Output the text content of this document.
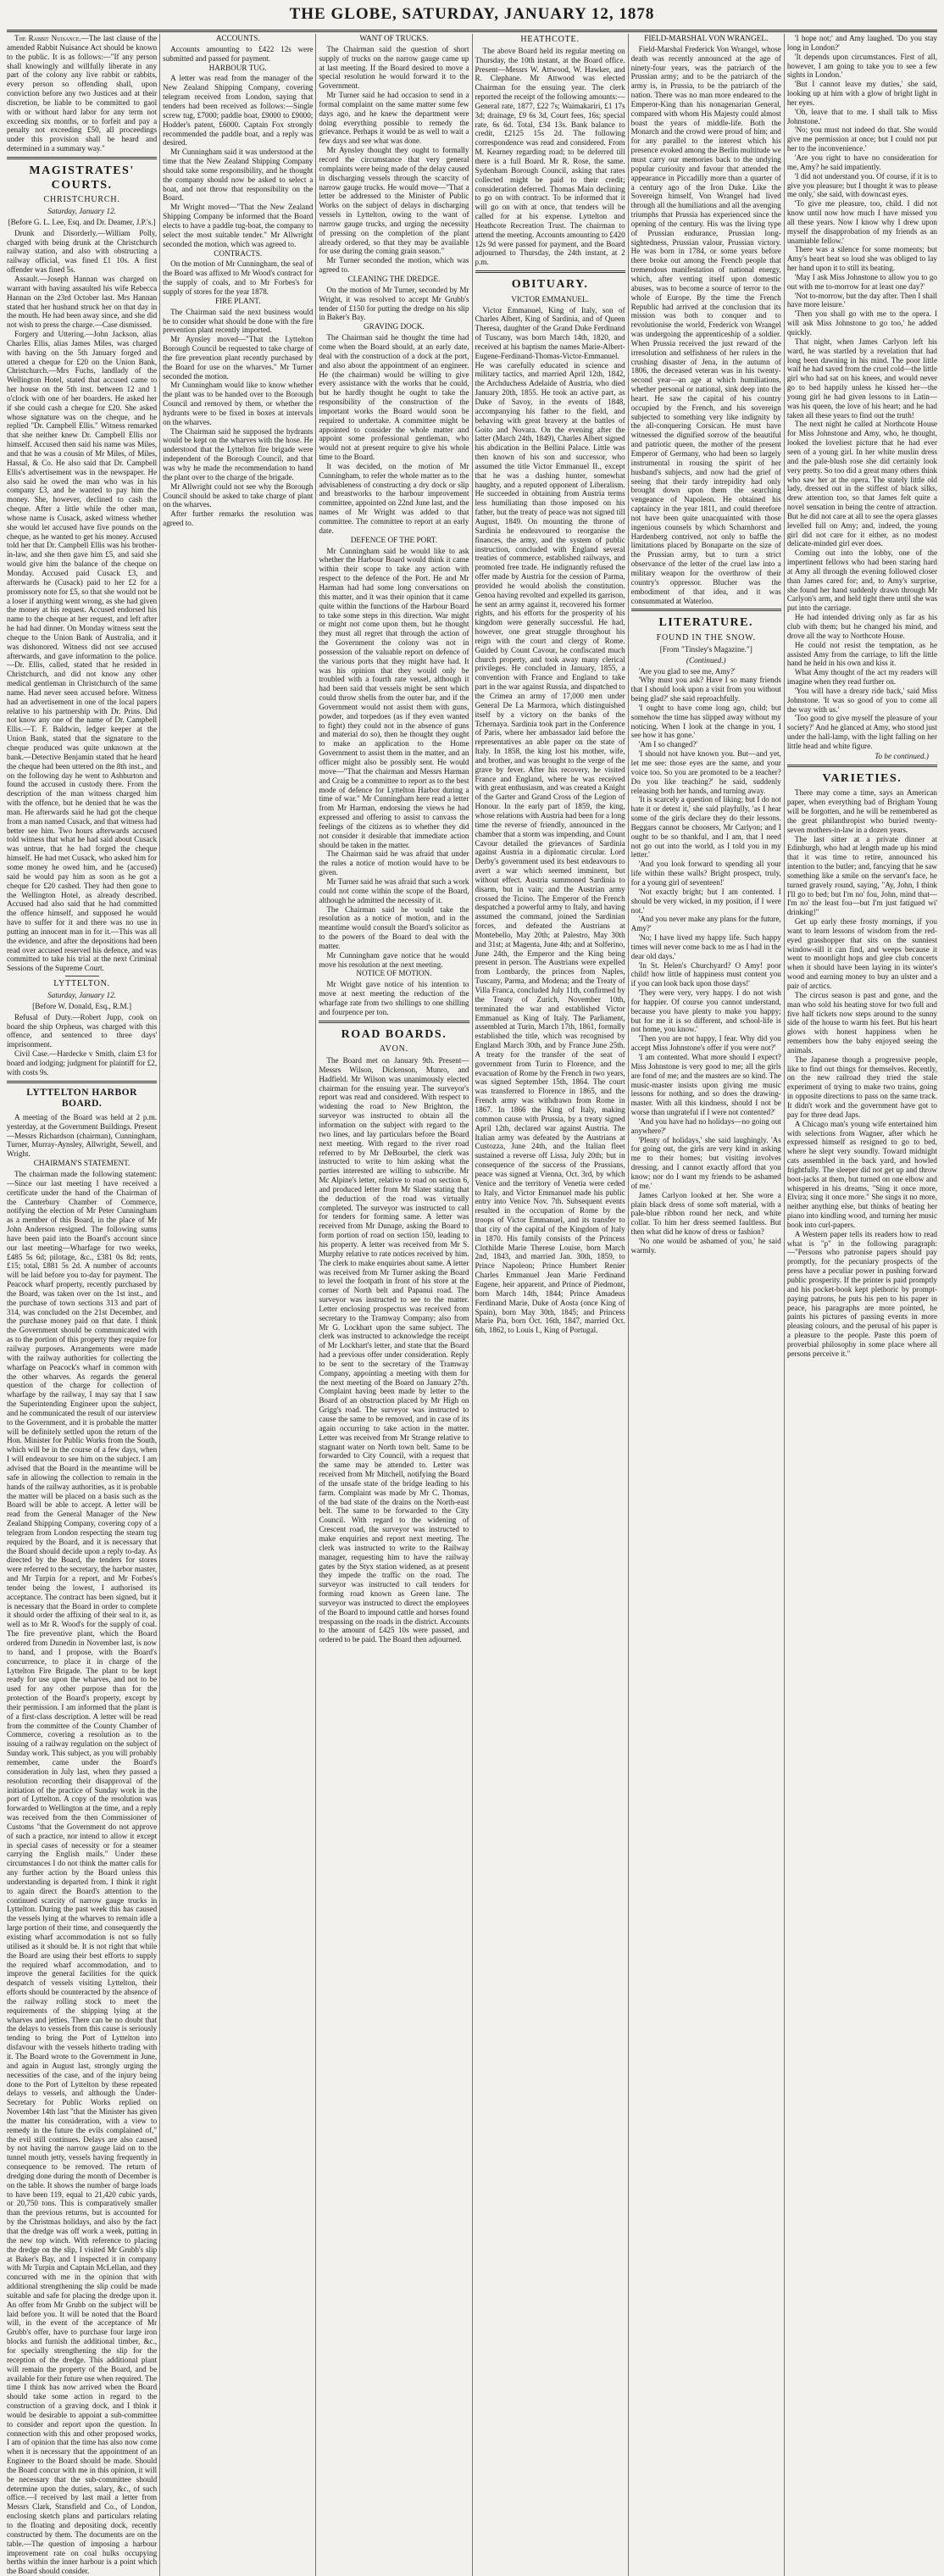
THE GLOBE, SATURDAY, JANUARY 12, 1878

The Rabbit Nuisance.—The last clause of the amended Rabbit Nuisance Act should be known to the public. It is as follows:—"If any person shall knowingly and willfully liberate in any part of the colony any live rabbit or rabbits, every person so offending shall, upon conviction before any two Justices and at their discretion, be liable to be committed to gaol with or without hard labor for any term not exceeding six months, or to forfeit and pay a penalty not exceeding £50, all proceedings under this provision shall be heard and determined in a summary way."

MAGISTRATES' COURTS.
CHRISTCHURCH.
Saturday, January 12.
[Before G. L. Lee, Esq. and Dr. Deamer, J.P.'s.]

Drunk and Disorderly.—William Polly, charged with being drunk at the Christchurch railway station, and also with obstructing a railway official, was fined £1 10s. A first offender was fined 5s.

Assault.—Joseph Hannan was charged on warrant with having assaulted his wife Rebecca Hannan on the 23rd October last. Mrs Hannan stated that her husband struck her on that day in the mouth. He had been away since, and she did not wish to press the charge.—Case dismissed.

Forgery and Uttering.—John Jackson, alias Charles Ellis, alias James Miles, was charged with having on the 5th January forged and uttered a cheque for £20 on the Union Bank, Christchurch.—Mrs Fuchs, landlady of the Wellington Hotel, stated that accused came to her house on the 5th inst. between 12 and 1 o'clock with one of her boarders. He asked her if she could cash a cheque for £20. She asked whose signature was on the cheque, and he replied "Dr. Campbell Ellis." Witness remarked that she neither knew Dr. Campbell Ellis nor himself. Accused then said his name was Miles, and that he was a cousin of Mr Miles, of Miles, Hassal, & Co. He also said that Dr. Campbell Ellis's advertisement was in the newspaper. He also said he owed the man who was in his company £3, and he wanted to pay him the money. She, however, declined to cash the cheque. After a little while the other man, whose name is Cusack, asked witness whether she would let accused have five pounds on the cheque, as he wanted to get his money. Accused told her that Dr. Campbell Ellis was his brother-in-law, and she then gave him £5, and said she would give him the balance of the cheque on Monday. Accused paid Cusack £3, and afterwards he (Cusack) paid to her £2 for a promissory note for £5, so that she would not be a loser if anything went wrong, as she had given the money at his request. Accused endorsed his name to the cheque at her request, and left after he had had dinner. On Monday witness sent the cheque to the Union Bank of Australia, and it was dishonored. Witness did not see accused afterwards, and gave information to the police.—Dr. Ellis, called, stated that he resided in Christchurch, and did not know any other medical gentleman in Christchurch of the same name. Had never seen accused before. Witness had an advertisement in one of the local papers relative to his partnership with Dr. Prins. Did not know any one of the name of Dr. Campbell Ellis.—T. F. Baldwin, ledger keeper at the Union Bank, stated that the signature to the cheque produced was quite unknown at the bank.—Detective Benjamin stated that he heard the cheque had been uttered on the 8th inst., and on the following day he went to Ashburton and found the accused in custody there. From the description of the man witness charged him with the offence, but he denied that he was the man. He afterwards said he had got the cheque from a man named Cusack, and that witness had better see him. Two hours afterwards accused told witness that what he had said about Cusack was untrue, that he had forged the cheque himself. He had met Cusack, who asked him for some money he owed him, and he (accused) said he would pay him as soon as he got a cheque for £20 cashed. They had then gone to the Wellington Hotel, as already described. Accused had also said that he had committed the offence himself, and supposed he would have to suffer for it and there was no use in putting an innocent man in for it.—This was all the evidence, and after the depositions had been read over accused reserved his defence, and was committed to take his trial at the next Criminal Sessions of the Supreme Court.

LYTTELTON.
Saturday, January 12.
[Before W. Donald, Esq., R.M.]

Refusal of Duty.—Robert Jupp, cook on board the ship Orpheus, was charged with this offence, and sentenced to three days' imprisonment.

Civil Case.—Hardecke v Smith, claim £3 for board and lodging; judgment for plaintiff for £2, with costs 9s.

LYTTELTON HARBOR BOARD.

A meeting of the Board was held at 2 p.m. yesterday, at the Government Buildings. Present—Messrs Richardson (chairman), Cunningham, Turner, Murray-Aynsley, Allwright, Sewell, and Wright.

CHAIRMAN'S STATEMENT.

The chairman made the following statement:—Since our last meeting I have received a certificate under the hand of the Chairman of the Canterbury Chamber of Commerce, notifying the election of Mr Peter Cunningham as a member of this Board, in the place of Mr John Anderson resigned. The following sums have been paid into the Board's account since our last meeting—Wharfage for two weeks, £485 5s 6d; pilotage, &c., £381 0s 8d; rents, £15; total, £881 5s 2d. A number of accounts will be laid before you to-day for payment. The Peacock wharf property, recently purchased by the Board, was taken over on the 1st inst., and the purchase of town sections 313 and part of 314, was concluded on the 21st December, and the purchase money paid on that date. I think the Government should be communicated with as to the portion of this property they require for railway purposes. Arrangements were made with the railway authorities for collecting the wharfage on Peacock's wharf in common with the other wharves. As regards the general question of the charge for collection of wharfage by the railway, I may say that I saw the Superintending Engineer upon the subject, and he communicated the result of our interview to the Government, and it is probable the matter will be definitely settled upon the return of the Hon. Minister for Public Works from the South, which will be in the course of a few days, when I will endeavour to see him on the subject. I am advised that the Board in the meantime will be safe in allowing the collection to remain in the hands of the railway authorities, as it is probable the matter will be placed on a basis such as the Board will be able to accept. A letter will be read from the General Manager of the New Zealand Shipping Company, covering copy of a telegram from London respecting the steam tug required by the Board, and it is necessary that the Board should decide upon a reply to-day. As directed by the Board, the tenders for stores were referred to the secretary, the harbor master, and Mr Turpin for a report, and Mr Forbes's tender being the lowest, I authorised its acceptance. The contract has been signed, but it is necessary that the Board in order to complete it should order the affixing of their seal to it, as well as to Mr R. Wood's for the supply of coal. The fire preventive plant, which the Board ordered from Dunedin in November last, is now to hand, and I propose, with the Board's concurrence, to place it in charge of the Lyttelton Fire Brigade. The plant to be kept ready for use upon the wharves, and not to be used for any other purpose than for the protection of the Board's property, except by their permission. I am informed that the plant is of a first-class description. A letter will be read from the committee of the County Chamber of Commerce, covering a resolution as to the issuing of a railway regulation on the subject of Sunday work. This subject, as you will probably remember, came under the Board's consideration in July last, when they passed a resolution recording their disapproval of the initiation of the practice of Sunday work in the port of Lyttelton. A copy of the resolution was forwarded to Wellington at the time, and a reply was received from the then Commissioner of Customs "that the Government do not approve of such a practice, nor intend to allow it except in special cases of necessity or for a steamer carrying the English mails." Under these circumstances I do not think the matter calls for any further action by the Board unless this understanding is departed from. I think it right to again direct the Board's attention to the continued scarcity of narrow gauge trucks in Lyttelton. During the past week this has caused the vessels lying at the wharves to remain idle a large portion of their time, and consequently the existing wharf accommodation is not so fully utilised as it should be. It is not right that while the Board are using their best efforts to supply the required wharf accommodation, and to improve the general facilities for the quick despatch of vessels visiting Lyttelton, their efforts should be counteracted by the absence of the railway rolling stock to meet the requirements of the shipping lying at the wharves and jetties. There can be no doubt that the delays to vessels from this cause is seriously tending to bring the Port of Lyttelton into disfavour with the vessels hitherto trading with it. The Board wrote to the Government in June, and again in August last, strongly urging the necessities of the case, and of the injury being done to the Port of Lyttelton by these repeated delays to vessels, and although the Under-Secretary for Public Works replied on November 14th last "that the Minister has given the matter his consideration, with a view to remedy in the future the evils complained of," the evil still continues. Delays are also caused by not having the narrow gauge laid on to the tunnel mouth jetty, vessels having frequently in consequence to be removed. The return of dredging done during the month of December is on the table. It shows the number of barge loads to have been 119, equal to 21,420 cubic yards, or 20,750 tons. This is comparatively smaller than the previous returns, but is accounted for by the Christmas holidays, and also by the fact that the dredge was off work a week, putting in the new top winch. With reference to placing the dredge on the slip, I visited Mr Grubb's slip at Baker's Bay, and I inspected it in company with Mr Turpin and Captain McLellan, and they concurred with me in the opinion that with additional strengthening the slip could be made suitable and safe for placing the dredge upon it. An offer from Mr Grubb on the subject will be laid before you. It will be noted that the Board will, in the event of the acceptance of Mr Grubb's offer, have to purchase four large iron blocks and furnish the additional timber, &c., for specially strengthening the slip for the reception of the dredge. This additional plant will remain the property of the Board, and be available for their future use when required. The time I think has now arrived when the Board should take some action in regard to the construction of a graving dock, and I think it would be desirable to appoint a sub-committee to consider and report upon the question. In connection with this and other proposed works, I am of opinion that the time has also now come when it is necessary that the appointment of an Engineer to the Board should be made. Should the Board concur with me in this opinion, it will be necessary that the sub-committee should determine upon the duties, salary, &c., of such office.—I received by last mail a letter from Messrs Clark, Stansfield and Co., of London, enclosing sketch plans and particulars relating to the floating and depositing dock, recently constructed by them. The documents are on the table.—The question of imposing a harbour improvement rate on coal hulks occupying berths within the inner harbour is a point which the Board should consider.

ACCOUNTS.

Accounts amounting to £422 12s were submitted and passed for payment.

HARBOUR TUG.

A letter was read from the manager of the New Zealand Shipping Company, covering telegram received from London, saying that tenders had been received as follows:—Single screw tug, £7000; paddle boat, £9000 to £9000; Hodder's patent, £6000. Captain Fox strongly recommended the paddle boat, and a reply was desired.

Mr Cunningham said it was understood at the time that the New Zealand Shipping Company should take some responsibility, and he thought the company should now be asked to select a boat, and not throw that responsibility on the Board.

Mr Wright moved—"That the New Zealand Shipping Company be informed that the Board elects to have a paddle tug-boat, the company to select the most suitable tender." Mr Allwright seconded the motion, which was agreed to.

CONTRACTS.

On the motion of Mr Cunningham, the seal of the Board was affixed to Mr Wood's contract for the supply of coals, and to Mr Forbes's for supply of stores for the year 1878.

FIRE PLANT.

The Chairman said the next business would be to consider what should be done with the fire prevention plant recently imported.

Mr Aynsley moved—"That the Lyttelton Borough Council be requested to take charge of the fire prevention plant recently purchased by the Board for use on the wharves." Mr Turner seconded the motion.

Mr Cunningham would like to know whether the plant was to be handed over to the Borough Council and removed by them, or whether the hydrants were to be fixed in boxes at intervals on the wharves.

The Chairman said he supposed the hydrants would be kept on the wharves with the hose. He understood that the Lyttelton fire brigade were independent of the Borough Council, and that was why he made the recommendation to hand the plant over to the charge of the brigade.

Mr Allwright could not see why the Borough Council should be asked to take charge of plant on the wharves.

After further remarks the resolution was agreed to.

WANT OF TRUCKS.

The Chairman said the question of short supply of trucks on the narrow gauge came up at last meeting. If the Board desired to move a special resolution he would forward it to the Government.

Mr Turner said he had occasion to send in a formal complaint on the same matter some few days ago, and he knew the department were doing everything possible to remedy the grievance. Perhaps it would be as well to wait a few days and see what was done.

Mr Aynsley thought they ought to formally record the circumstance that very general complaints were being made of the delay caused in discharging vessels through the scarcity of narrow gauge trucks. He would move—"That a letter be addressed to the Minister of Public Works on the subject of delays in discharging vessels in Lyttelton, owing to the want of narrow gauge trucks, and urging the necessity of pressing on the completion of the plant already ordered, so that they may be available for use during the coming grain season."

Mr Turner seconded the motion, which was agreed to.

CLEANING THE DREDGE.

On the motion of Mr Turner, seconded by Mr Wright, it was resolved to accept Mr Grubb's tender of £150 for putting the dredge on his slip in Baker's Bay.

GRAVING DOCK.

The Chairman said he thought the time had come when the Board should, at an early date, deal with the construction of a dock at the port, and also about the appointment of an engineer. He (the chairman) would be willing to give every assistance with the works that he could, but he hardly thought he ought to take the responsibility of the construction of the important works the Board would soon be required to undertake. A committee might be appointed to consider the whole matter and appoint some professional gentleman, who would not at present require to give his whole time to the Board.

It was decided, on the motion of Mr Cunningham, to refer the whole matter as to the advisableness of constructing a dry dock or slip and breastworks to the harbour improvement committee, appointed on 22nd June last, and the names of Mr Wright was added to that committee. The committee to report at an early date.

DEFENCE OF THE PORT.

Mr Cunningham said he would like to ask whether the Harbour Board would think it came within their scope to take any action with respect to the defence of the Port. He and Mr Harman had had some long conversations on this matter, and it was their opinion that it came quite within the functions of the Harbour Board to take some steps in this direction. War might or might not come upon them, but he thought they must all regret that through the action of the Government the colony was not in possession of the valuable report on defence of the various ports that they might have had. It was his opinion that they would only be troubled with a fourth rate vessel, although it had been said that vessels might be sent which could throw shells from the outer bar, and if the Government would not assist them with guns, powder, and torpedoes (as if they even wanted to fight) they could not in the absence of guns and material do so), then he thought they ought to make an application to the Home Government to assist them in the matter, and an officer might also be possibly sent. He would move—"That the chairman and Messrs Harman and Craig be a committee to report as to the best mode of defence for Lyttelton Harbor during a time of war." Mr Cunningham here read a letter from Mr Harman, endorsing the views he had expressed and offering to assist to canvass the feelings of the citizens as to whether they did not consider it desirable that immediate action should be taken in the matter.

The Chairman said he was afraid that under the rules a notice of motion would have to be given.

Mr Turner said he was afraid that such a work could not come within the scope of the Board, although he admitted the necessity of it.

The Chairman said he would take the resolution as a notice of motion, and in the meantime would consult the Board's solicitor as to the powers of the Board to deal with the matter.

Mr Cunningham gave notice that he would move his resolution at the next meeting.

NOTICE OF MOTION.

Mr Wright gave notice of his intention to move at next meeting the reduction of the wharfage rate from two shillings to one shilling and fourpence per ton.

ROAD BOARDS.
AVON.

The Board met on January 9th. Present—Messrs Wilson, Dickenson, Munro, and Hadfield. Mr Wilson was unanimously elected chairman for the ensuing year. The surveyor's report was read and considered. With respect to widening the road to New Brighton, the surveyor was instructed to obtain all the information on the subject with regard to the two lines, and lay particulars before the Board next meeting. With regard to the river road referred to by Mr DeBourbel, the clerk was instructed to write to him asking what the parties interested are willing to subscribe. Mr Mc Alpine's letter, relative to road on section 6, and produced letter from Mr Slater stating that the deduction of the road was virtually completed. The surveyor was instructed to call for tenders for forming same. A letter was received from Mr Dunage, asking the Board to form portion of road on section 150, leading to his property. A letter was received from Mr S. Murphy relative to rate notices received by him. The clerk to make enquiries about same. A letter was received from Mr Turner asking the Board to level the footpath in front of his store at the corner of North belt and Papanui road. The surveyor was instructed to see to the matter. Letter enclosing prospectus was received from secretary to the Tramway Company; also from Mr G. Lockhart upon the same subject. The clerk was instructed to acknowledge the receipt of Mr Lockhart's letter, and state that the Board had a previous offer under consideration. Reply to be sent to the secretary of the Tramway Company, appointing a meeting with them for the next meeting of the Board on January 27th. Complaint having been made by letter to the Board of an obstruction placed by Mr High on Grigg's road. The surveyor was instructed to cause the same to be removed, and in case of its again occurring to take action in the matter. Letter was received from Mr Strange relative to stagnant water on North town belt. Same to be forwarded to City Council, with a request that the same may be attended to. Letter was received from Mr Mitchell, notifying the Board of the unsafe state of the bridge leading to his farm. Complaint was made by Mr C. Thomas, of the bad state of the drains on the North-east belt. The same to be forwarded to the City Council. With regard to the widening of Crescent road, the surveyor was instructed to make enquiries and report next meeting. The clerk was instructed to write to the Railway manager, requesting him to have the railway gates by the Styx station widened, as at present they impede the traffic on the road. The surveyor was instructed to call tenders for forming road known as Green lane. The surveyor was instructed to direct the employees of the Board to impound cattle and horses found trespassing on the roads in the district. Accounts to the amount of £425 10s were passed, and ordered to be paid. The Board then adjourned.

HEATHCOTE.

The above Board held its regular meeting on Thursday, the 10th instant, at the Board office. Present—Messrs W. Attwood, W. Hawker, and R. Clephane. Mr Attwood was elected Chairman for the ensuing year. The clerk reported the receipt of the following amounts:—General rate, 1877, £22 7s; Waimakariri, £1 17s 3d; drainage, £9 6s 3d, Court fees, 16s; special rate, 6s 6d. Total, £34 13s. Bank balance to credit, £2125 15s 2d. The following correspondence was read and considered. From M. Kearney regarding road; to be deferred till there is a full Board. Mr R. Rose, the same. Sydenham Borough Council, asking that rates collected might be paid to their credit; consideration deferred. Thomas Main declining to go on with contract. To be informed that it will go on with at once, that tenders will be called for at his expense. Lyttelton and Heathcote Recreation Trust. The chairman to attend the meeting. Accounts amounting to £420 12s 9d were passed for payment, and the Board adjourned to Thursday, the 24th instant, at 2 p.m.

OBITUARY.
VICTOR EMMANUEL.

Victor Emmanuel, King of Italy, son of Charles Albert, King of Sardinia, and of Queen Theresa, daughter of the Grand Duke Ferdinand of Tuscany, was born March 14th, 1820, and received at his baptism the names Marie-Albert-Eugene-Ferdinand-Thomas-Victor-Emmanuel. He was carefully educated in science and military tactics, and married April 12th, 1842, the Archduchess Adelaide of Austria, who died January 20th, 1855. He took an active part, as Duke of Savoy, in the events of 1848, accompanying his father to the field, and behaving with great bravery at the battles of Goito and Novara. On the evening after the latter (March 24th, 1849), Charles Albert signed his abdication in the Bellini Palace. Little was then known of his son and successor, who assumed the title Victor Emmanuel II., except that he was a dashing hunter, somewhat haughty, and a reputed opponent of Liberalism. He succeeded in obtaining from Austria terms less humiliating than those imposed on his father, but the treaty of peace was not signed till August, 1849. On mounting the throne of Sardinia he endeavoured to reorganise the finances, the army, and the system of public instruction, concluded with England several treaties of commerce, established railways, and promoted free trade. He indignantly refused the offer made by Austria for the cession of Parma, provided he would abolish the constitution. Genoa having revolted and expelled its garrison, he sent an army against it, recovered his former rights, and his efforts for the prosperity of his kingdom were generally successful. He had, however, one great struggle throughout his reign with the court and clergy of Rome. Guided by Count Cavour, he confiscated much church property, and took away many clerical privileges. He concluded in January, 1855, a convention with France and England to take part in the war against Russia, and dispatched to the Crimea an army of 17,000 men under General De La Marmora, which distinguished itself by a victory on the banks of the Tchernaya. Sardinia took part in the Conference of Paris, where her ambassador laid before the representatives an able paper on the state of Italy. In 1858, the king lost his mother, wife, and brother, and was brought to the verge of the grave by fever. After his recovery, he visited France and England, where he was received with great enthusiasm, and was created a Knight of the Garter and Grand Cross of the Legion of Honour. In the early part of 1859, the king, whose relations with Austria had been for a long time the reverse of friendly, announced in the chamber that a storm was impending, and Count Cavour detailed the grievances of Sardinia against Austria in a diplomatic circular. Lord Derby's government used its best endeavours to avert a war which seemed imminent, but without effect. Austria summoned Sardinia to disarm, but in vain; and the Austrian army crossed the Ticino. The Emperor of the French despatched a powerful army to Italy, and having assumed the command, joined the Sardinian forces, and defeated the Austrians at Montebello, May 20th; at Palestro, May 30th and 31st; at Magenta, June 4th; and at Solferino, June 24th, the Emperor and the King being present in person. The Austrians were expelled from Lombardy, the princes from Naples, Tuscany, Parma, and Modena; and the Treaty of Villa Franca, concluded July 11th, confirmed by the Treaty of Zurich, November 10th, terminated the war and established Victor Emmanuel as King of Italy. The Parliament, assembled at Turin, March 17th, 1861, formally established the title, which was recognised by England March 30th, and by France June 25th. A treaty for the transfer of the seat of government from Turin to Florence, and the evacuation of Rome by the French in two years, was signed September 15th, 1864. The court was transferred to Florence in 1865, and the French army was withdrawn from Rome in 1867. In 1866 the King of Italy, making common cause with Prussia, by a treaty signed April 12th, declared war against Austria. The Italian army was defeated by the Austrians at Custozza, June 24th, and the Italian fleet sustained a reverse off Lissa, July 20th; but in consequence of the success of the Prussians, peace was signed at Vienna, Oct. 3rd, by which Venice and the territory of Venetia were ceded to Italy, and Victor Emmanuel made his public entry into Venice Nov. 7th. Subsequent events resulted in the occupation of Rome by the troops of Victor Emmanuel, and its transfer to that city of the capital of the Kingdom of Italy in 1870. His family consists of the Princess Clothilde Marie Therese Louise, born March 2nd, 1843, and married Jan. 30th, 1859, to Prince Napoleon; Prince Humbert Renier Charles Emmanuel Jean Marie Ferdinand Eugene, heir apparent, and Prince of Piedmont, born March 14th, 1844; Prince Amadeus Ferdinand Marie, Duke of Aosta (once King of Spain), born May 30th, 1845; and Princess Marie Pia, born Oct. 16th, 1847, married Oct. 6th, 1862, to Louis I., King of Portugal.

FIELD-MARSHAL VON WRANGEL.

Field-Marshal Frederick Von Wrangel, whose death was recently announced at the age of ninety-four years, was the patriarch of the Prussian army; and to be the patriarch of the army is, in Prussia, to be the patriarch of the nation. There was no man more endeared to the Emperor-King than his nonagenarian General, compared with whom His Majesty could almost boast the years of middle-life. Both the Monarch and the crowd were proud of him; and for any parallel to the interest which his presence evoked among the Berlin multitude we must carry our memories back to the undying popular curiosity and favour that attended the appearance in Piccadilly more than a quarter of a century ago of the Iron Duke. Like the Sovereign himself, Von Wrangel had lived through all the humiliations and all the avenging triumphs that Prussia has experienced since the opening of the century. His was the living type of Prussian endurance, Prussian long-sightedness, Prussian valour, Prussian victory. He was born in 1784, or some years before there broke out among the French people that tremendous manifestation of national energy, which, after venting itself upon domestic abuses, was to become a source of terror to the whole of Europe. By the time the French Republic had arrived at the conclusion that its mission was both to conquer and to revolutionise the world, Frederick von Wrangel was undergoing the apprenticeship of a soldier. When Prussia received the just reward of the irresolution and selfishness of her rulers in the crushing disaster of Jena, in the autumn of 1806, the deceased veteran was in his twenty-second year—an age at which humiliations, whether personal or national, sink deep into the heart. He saw the capital of his country occupied by the French, and his sovereign subjected to something very like indignity by the all-conquering Corsican. He must have witnessed the dignified sorrow of the beautiful and patriotic queen, the mother of the present Emperor of Germany, who had been so largely instrumental in rousing the spirit of her husband's subjects, and now had the grief of seeing that their tardy intrepidity had only brought down upon them the searching vengeance of Napoleon. He obtained his captaincy in the year 1811, and could therefore not have been quite unacquainted with those ingenious counsels by which Scharnhorst and Hardenberg contrived, not only to baffle the limitations placed by Bonaparte on the size of the Prussian army, but to turn a strict observance of the letter of the cruel law into a military weapon for the overthrow of their country's oppressor. Blucher was the embodiment of that idea, and it was consummated at Waterloo.

LITERATURE.
FOUND IN THE SNOW.
[From "Tinsley's Magazine."]
(Continued.)

'Are you glad to see me, Amy?'

'Why must you ask? Have I so many friends that I should look upon a visit from you without being glad?' she said reproachfully.

'I ought to have come long ago, child; but somehow the time has slipped away without my noticing. When I look at the change in you, I see how it has gone.'

'Am I so changed?'

'I should not have known you. But—and yet, let me see: those eyes are the same, and your voice too. So you are promoted to be a teacher? Do you like teaching?' he said, suddenly releasing both her hands, and turning away.

'It is scarcely a question of liking; but I do not hate it or detest it,' she said playfully, 'as I hear some of the girls declare they do their lessons. Beggars cannot be choosers, Mr Carlyon; and I ought to be so thankful, and I am, that I need not go out into the world, as I told you in my letter.'

'And you look forward to spending all your life within these walls? Bright prospect, truly, for a young girl of seventeen!'

'Not exactly bright; but I am contented. I should be very wicked, in my position, if I were not.'

'And you never make any plans for the future, Amy?'

'No; I have lived my happy life. Such happy times will never come back to me as I had in the dear old days.'

'In St. Helen's Churchyard? O Amy! poor child! how little of happiness must content you if you can look back upon those days!'

'They were very, very happy. I do not wish for happier. Of course you cannot understand, because you have plenty to make you happy; but for me it is so different, and school-life is not home, you know.'

'Then you are not happy, I fear. Why did you accept Miss Johnstone's offer if you were not?'

'I am contented. What more should I expect? Miss Johnstone is very good to me; all the girls are fond of me; and the masters are so kind. The music-master insists upon giving me music lessons for nothing, and so does the drawing-master. With all this kindness, should I not be worse than ungrateful if I were not contented?'

'And you have had no holidays—no going out anywhere?'

'Plenty of holidays,' she said laughingly. 'As for going out, the girls are very kind in asking me to their homes; but visiting involves dressing, and I cannot exactly afford that you know; nor do I want my friends to be ashamed of me.'

James Carlyon looked at her. She wore a plain black dress of some soft material, with a pale-blue ribbon round her neck, and white collar. To him her dress seemed faultless. But then what did he know of dress or fashion?

'No one would be ashamed of you,' he said warmly.

'I hope not;' and Amy laughed. 'Do you stay long in London?'

'It depends upon circumstances. First of all, however, I am going to take you to see a few sights in London.'

'But I cannot leave my duties,' she said, looking up at him with a glow of bright light in her eyes.

'Oh, leave that to me. I shall talk to Miss Johnstone.'

'No; you must not indeed do that. She would give me permission at once; but I could not put her to the inconvenience.'

'Are you right to have no consideration for me, Amy? he said impatiently.

'I did not understand you. Of course, if it is to give you pleasure; but I thought it was to please me only,' she said, with downcast eyes.

'To give me pleasure, too, child. I did not know until now how much I have missed you all these years. Now I know why I drew upon myself the disapprobation of my friends as an unamiable fellow.'

There was a silence for some moments; but Amy's heart beat so loud she was obliged to lay her hand upon it to still its beating.

'May I ask Miss Johnstone to allow you to go out with me to-morrow for at least one day?'

'Not to-morrow, but the day after. Then I shall have more leisure.'

'Then you shall go with me to the opera. I will ask Miss Johnstone to go too,' he added quickly.

That night, when James Carlyon left his ward, he was startled by a revelation that had long been dawning in his mind. The poor little waif he had saved from the cruel cold—the little girl who had sat on his knees, and would never go to bed happily unless he kissed her—the young girl he had given lessons to in Latin—was his queen, the love of his heart; and he had taken all these years to find out the truth!

The next night he called at Northcote House for Miss Johnstone and Amy, who, he thought, looked the loveliest picture that he had ever seen of a young girl. In her white muslin dress and the pale-blush rose she did certainly look very pretty. So too did a great many others think who saw her at the opera. The stately little old lady, dressed out in the stiffest of black silks, drew attention too, so that James felt quite a novel sensation in being the centre of attraction. But he did not care at all to see the opera glasses levelled full on Amy; and, indeed, the young girl did not care for it either, as no modest delicate-minded girl ever does.

Coming out into the lobby, one of the impertinent fellows who had been staring hard at Amy all through the evening followed closer than James cared for; and, to Amy's surprise, she found her hand suddenly drawn through Mr Carlyon's arm, and held tight there until she was put into the carriage.

He had intended driving only as far as his club with them; but he changed his mind, and drove all the way to Northcote House.

He could not resist the temptation, as he assisted Amy from the carriage, to lift the little hand he held in his own and kiss it.

What Amy thought of the act my readers will imagine when they read further on.

'You will have a dreary ride back,' said Miss Johnstone. 'It was so good of you to come all the way with us.'

'Too good to give myself the pleasure of your society?' And he glanced at Amy, who stood just under the hall-lamp, with the light falling on her little head and white figure.

To be continued.)
VARIETIES.

There may come a time, says an American paper, when everything bad of Brigham Young will be forgotten, and he will be remembered as the great philanthropist who buried twenty-seven mothers-in-law in a dozen years.

The last sitter at a private dinner at Edinburgh, who had at length made up his mind that it was time to retire, announced his intention to the butler; and, fancying that he saw something like a smile on the servant's face, he turned gravely round, saying, "Ay, John, I think I'll go to bed; but I'm no' fou, John, mind that—I'm no' the least fou—but I'm just fatigued wi' drinking!"

Get up early these frosty mornings, if you want to learn lessons of wisdom from the red-eyed grasshopper that sits on the sunniest window-sill it can find, and weeps because it went to moonlight hops and glee club concerts when it should have been laying in its winter's wood and earning money to buy an ulster and a pair of arctics.

The circus season is past and gone, and the man who sold his heating stove for two full and five half tickets now steps around to the sunny side of the house to warm his feet. But his heart glows with honest happiness when he remembers how the baby enjoyed seeing the animals.

The Japanese though a progressive people, like to find out things for themselves. Recently, on the new railroad they tried the stale experiment of trying to make two trains, going in opposite directions to pass on the same track. It didn't work and the government have got to pay for three dead Japs.

A Chicago man's young wife entertained him with selections from Wagner, after which he expressed himself as resigned to go to bed, where he slept very soundly. Toward midnight cats assembled in the back yard, and howled frightfully. The sleeper did not get up and throw boot-jacks at them, but turned on one elbow and whispered in his dreams, "Sing it once more, Elvira; sing it once more." She sings it no more, neither anything else, but thinks of beating her piano into kindling wood, and turning her music book into curl-papers.

A Western paper tells its readers how to read what is "p" in the following paragraph:—"Persons who patronise papers should pay promptly, for the pecuniary prospects of the press have a peculiar power in pushing forward public prosperity. If the printer is paid promptly and his pocket-book kept plethoric by prompt-paying patrons, he puts his pen to his paper in peace, his paragraphs are more pointed, he paints his pictures of passing events in more pleasing colours, and the perusal of his paper is a pleasure to the people. Paste this poem of proverbial philosophy in some place where all persons perceive it."
